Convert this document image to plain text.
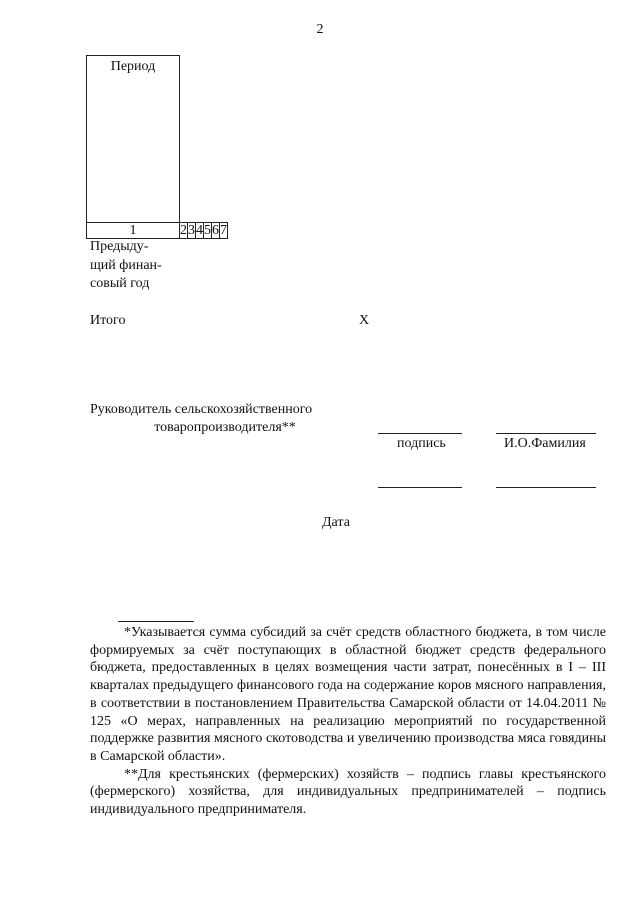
2
Период
1	2	3	4	5	6	7
Предыду-
щий финан-
совый год
Итого	X
Руководитель сельскохозяйственного
товаропроизводителя**
подпись	И.О.Фамилия
Дата

*Указывается сумма субсидий за счёт средств областного бюджета, в том числе формируемых за счёт поступающих в областной бюджет средств федерального бюджета, предоставленных в целях возмещения части затрат, понесённых в I – III кварталах предыдущего финансового года на содержание коров мясного направления, в соответствии в постановлением Правительства Самарской области от 14.04.2011 № 125 «О мерах, направленных на реализацию мероприятий по государственной поддержке развития мясного скотоводства и увеличению производства мяса говядины в Самарской области».

**Для крестьянских (фермерских) хозяйств – подпись главы крестьянского (фермерского) хозяйства, для индивидуальных предпринимателей – подпись индивидуального предпринимателя.
